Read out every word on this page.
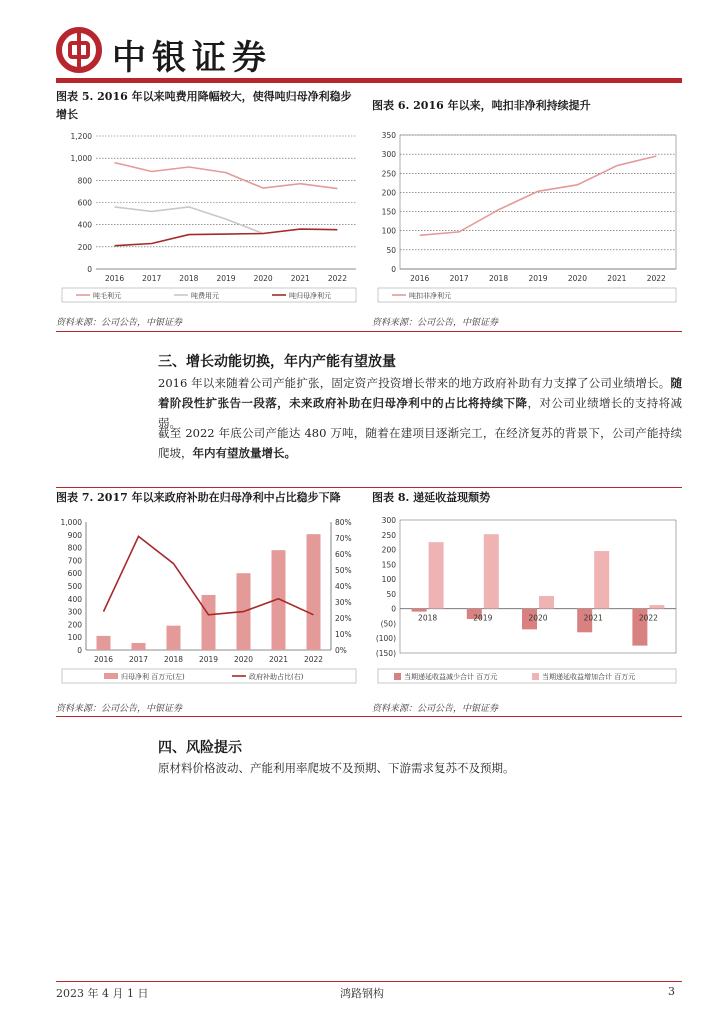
中银证券
图表 5. 2016 年以来吨费用降幅较大，使得吨归母净利稳步增长
0
200
400
600
800
1,000
1,200
2016 2017 2018 2019 2020 2021 2022
吨毛利元	吨费用元	吨归母净利元
资料来源：公司公告，中银证券
图表 6. 2016 年以来，吨扣非净利持续提升
0
50
100
150
200
250
300
350
2016	2017	2018	2019	2020	2021	2022
吨扣非净利元
资料来源：公司公告，中银证券
三、增长动能切换，年内产能有望放量
2016 年以来随着公司产能扩张，固定资产投资增长带来的地方政府补助有力支撑了公司业绩增长。随着阶段性扩张告一段落，未来政府补助在归母净利中的占比将持续下降，对公司业绩增长的支持将减弱。
截至 2022 年底公司产能达 480 万吨，随着在建项目逐渐完工，在经济复苏的背景下，公司产能持续爬坡，年内有望放量增长。
图表 7. 2017 年以来政府补助在归母净利中占比稳步下降
0
100
200
300
400
500
600
700
800
900
1,000
0%
10%
20%
30%
40%
50%
60%
70%
80%
2016 2017 2018 2019 2020 2021 2022
归母净利 百万元(左)	政府补助占比(右)
资料来源：公司公告，中银证券
图表 8. 递延收益现颓势
(150)
(100)
(50)
0
50
100
150
200
250
300
2018	2019	2020	2021	2022
当期递延收益减少合计 百万元	当期递延收益增加合计 百万元
资料来源：公司公告，中银证券
四、风险提示
原材料价格波动、产能利用率爬坡不及预期、下游需求复苏不及预期。
2023 年 4 月 1 日	鸿路钢构	3
